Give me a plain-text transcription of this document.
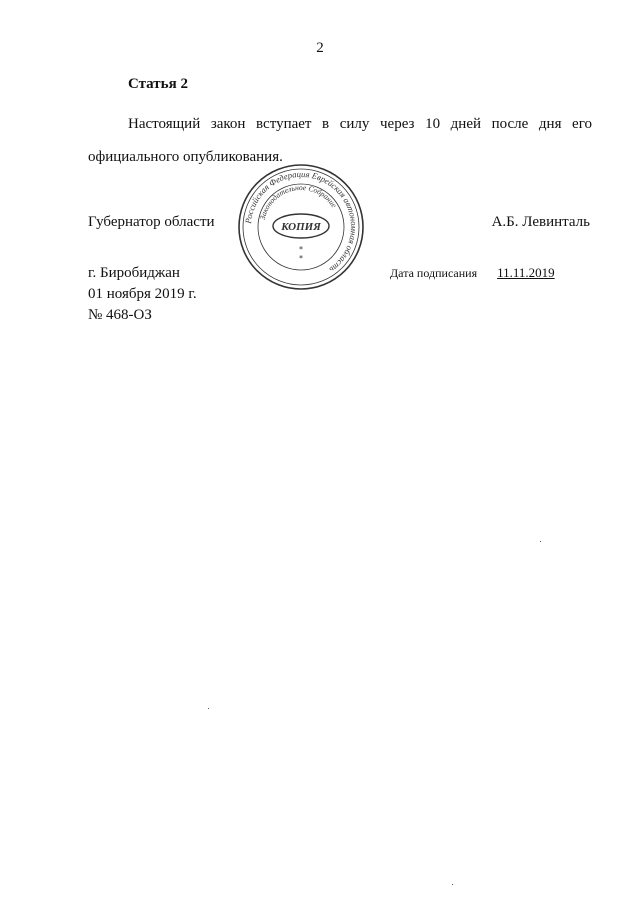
2
Статья 2
Настоящий закон вступает в силу через 10 дней после дня его официального опубликования.
Губернатор области	А.Б. Левинталь
Российская Федерация Еврейская автономная область
Законодательное Собрание
КОПИЯ
*
*
г. Биробиджан
01 ноября 2019 г.
№ 468-ОЗ
Дата подписания 11.11.2019
